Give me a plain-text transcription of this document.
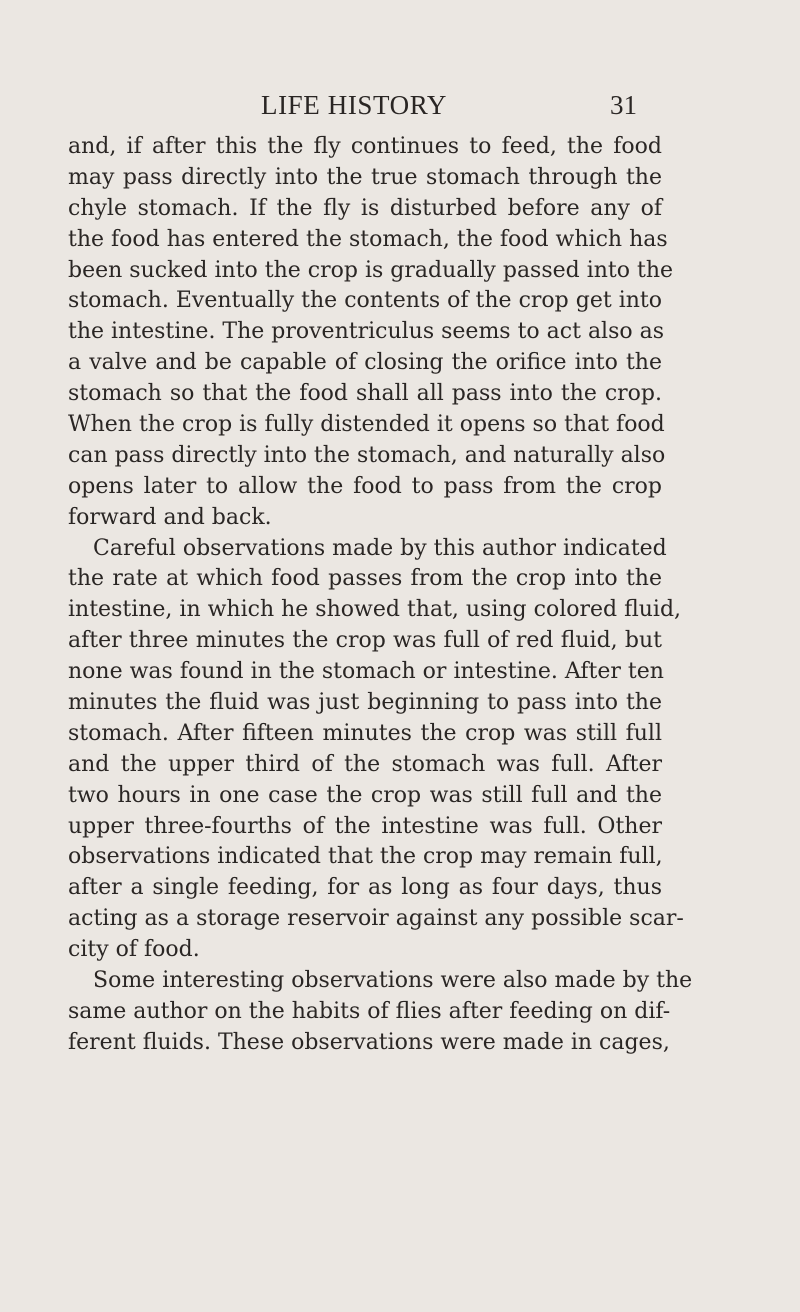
LIFE HISTORY	31
and, if after this the fly continues to feed, the food
may pass directly into the true stomach through the
chyle stomach. If the fly is disturbed before any of
the food has entered the stomach, the food which has
been sucked into the crop is gradually passed into the
stomach. Eventually the contents of the crop get into
the intestine. The proventriculus seems to act also as
a valve and be capable of closing the orifice into the
stomach so that the food shall all pass into the crop.
When the crop is fully distended it opens so that food
can pass directly into the stomach, and naturally also
opens later to allow the food to pass from the crop
forward and back.
Careful observations made by this author indicated
the rate at which food passes from the crop into the
intestine, in which he showed that, using colored fluid,
after three minutes the crop was full of red fluid, but
none was found in the stomach or intestine. After ten
minutes the fluid was just beginning to pass into the
stomach. After fifteen minutes the crop was still full
and the upper third of the stomach was full. After
two hours in one case the crop was still full and the
upper three-fourths of the intestine was full. Other
observations indicated that the crop may remain full,
after a single feeding, for as long as four days, thus
acting as a storage reservoir against any possible scar-
city of food.
Some interesting observations were also made by the
same author on the habits of flies after feeding on dif-
ferent fluids. These observations were made in cages,
